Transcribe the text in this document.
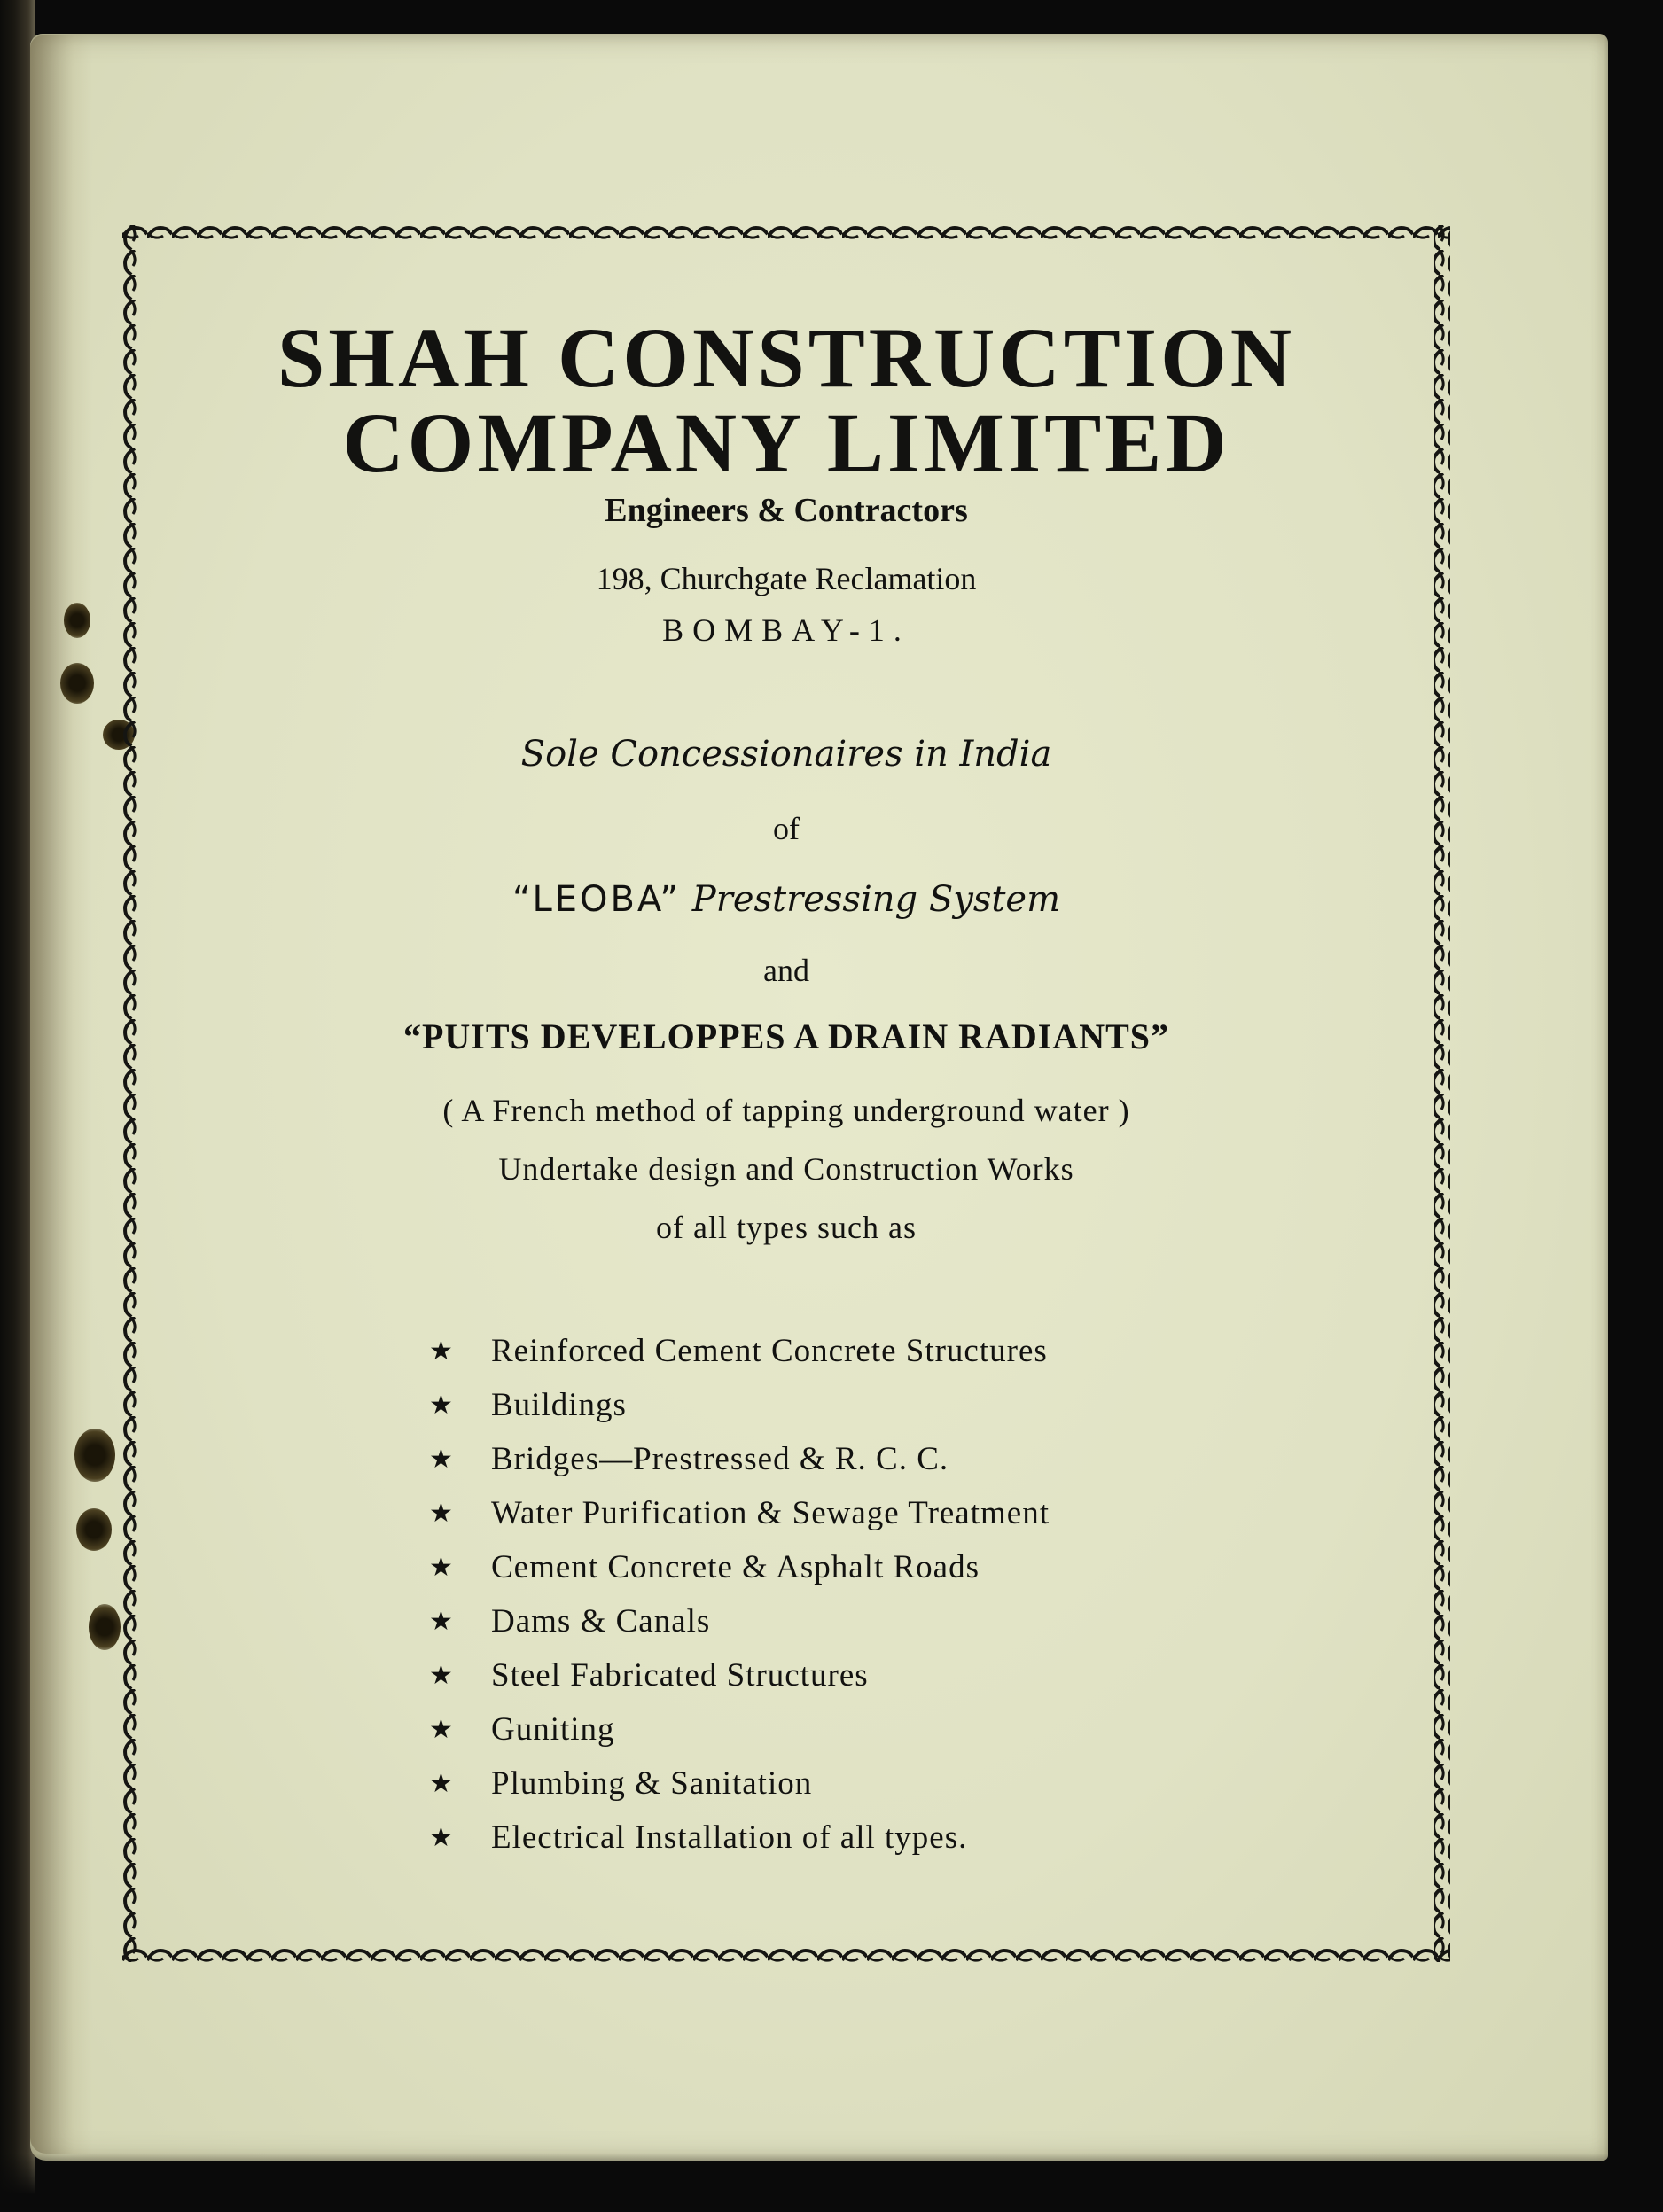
SHAH CONSTRUCTION
COMPANY LIMITED
Engineers & Contractors
198, Churchgate Reclamation
BOMBAY-1.
Sole Concessionaires in India
of
“LEOBA” Prestressing System
and
“PUITS DEVELOPPES A DRAIN RADIANTS”
( A French method of tapping underground water )
Undertake design and Construction Works
of all types such as
★	Reinforced Cement Concrete Structures
★	Buildings
★	Bridges—Prestressed & R. C. C.
★	Water Purification & Sewage Treatment
★	Cement Concrete & Asphalt Roads
★	Dams & Canals
★	Steel Fabricated Structures
★	Guniting
★	Plumbing & Sanitation
★	Electrical Installation of all types.
